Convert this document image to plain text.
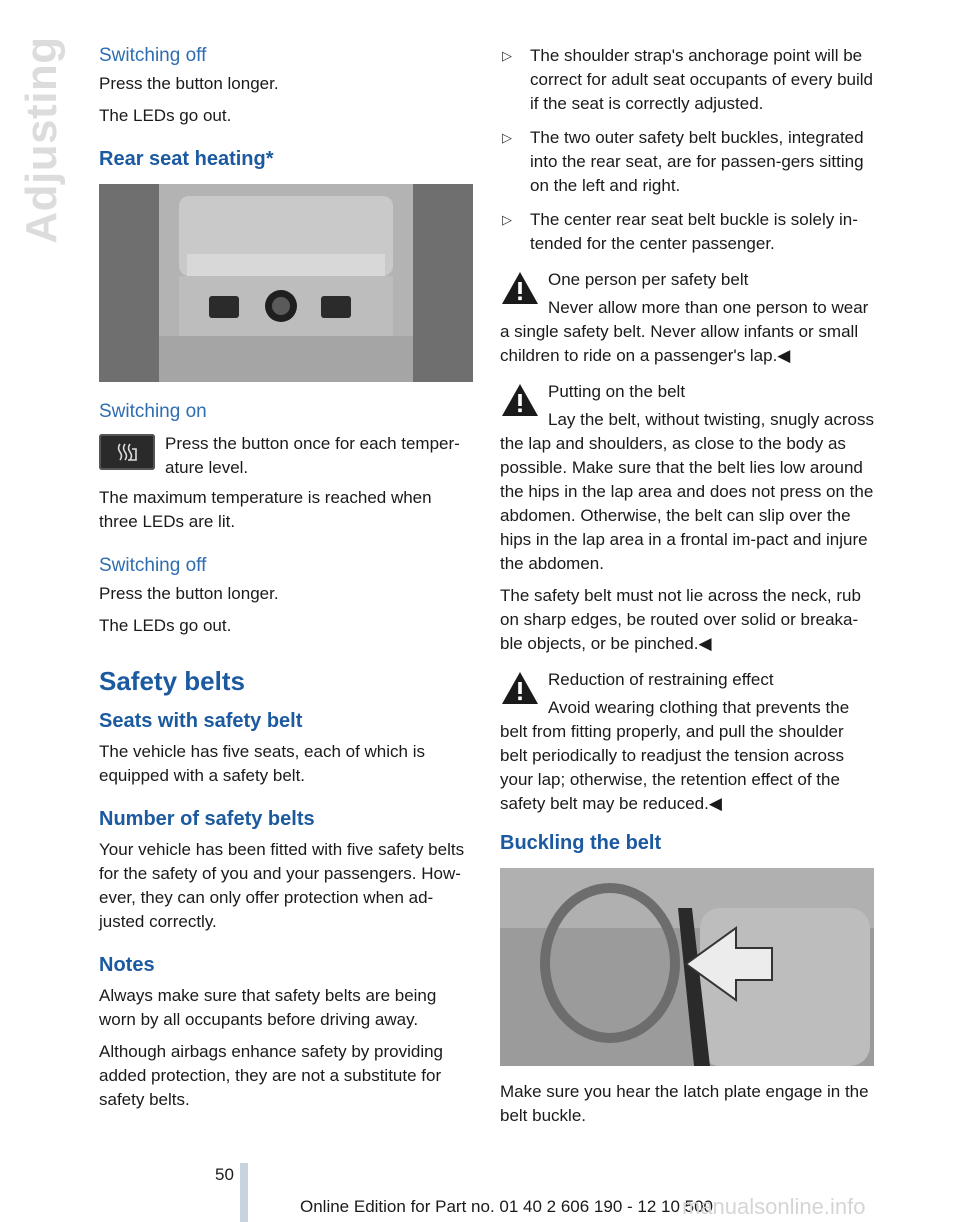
Adjusting Switching off

Press the button longer.

The LEDs go out.

Rear seat heating*
Switching on
Press the button once for each temper-ature level.

The maximum temperature is reached when three LEDs are lit.

Switching off

Press the button longer.

The LEDs go out.

Safety belts
Seats with safety belt

The vehicle has five seats, each of which is equipped with a safety belt.

Number of safety belts

Your vehicle has been fitted with five safety belts for the safety of you and your passengers. How-ever, they can only offer protection when ad-justed correctly.

Notes

Always make sure that safety belts are being worn by all occupants before driving away.

Although airbags enhance safety by providing added protection, they are not a substitute for safety belts.

▷ The shoulder strap's anchorage point will be correct for adult seat occupants of every build if the seat is correctly adjusted.
▷ The two outer safety belt buckles, integrated into the rear seat, are for passen-gers sitting on the left and right.
▷ The center rear seat belt buckle is solely in-tended for the center passenger.
One person per safety belt
Never allow more than one person to wear a single safety belt. Never allow infants or small children to ride on a passenger's lap.◀
Putting on the belt
Lay the belt, without twisting, snugly across the lap and shoulders, as close to the body as possible. Make sure that the belt lies low around the hips in the lap area and does not press on the abdomen. Otherwise, the belt can slip over the hips in the lap area in a frontal im-pact and injure the abdomen.
The safety belt must not lie across the neck, rub on sharp edges, be routed over solid or breaka-ble objects, or be pinched.◀
Reduction of restraining effect
Avoid wearing clothing that prevents the belt from fitting properly, and pull the shoulder belt periodically to readjust the tension across your lap; otherwise, the retention effect of the safety belt may be reduced.◀
Buckling the belt

Make sure you hear the latch plate engage in the belt buckle.

50
Online Edition for Part no. 01 40 2 606 190 - 12 10 500
manualsonline.info
